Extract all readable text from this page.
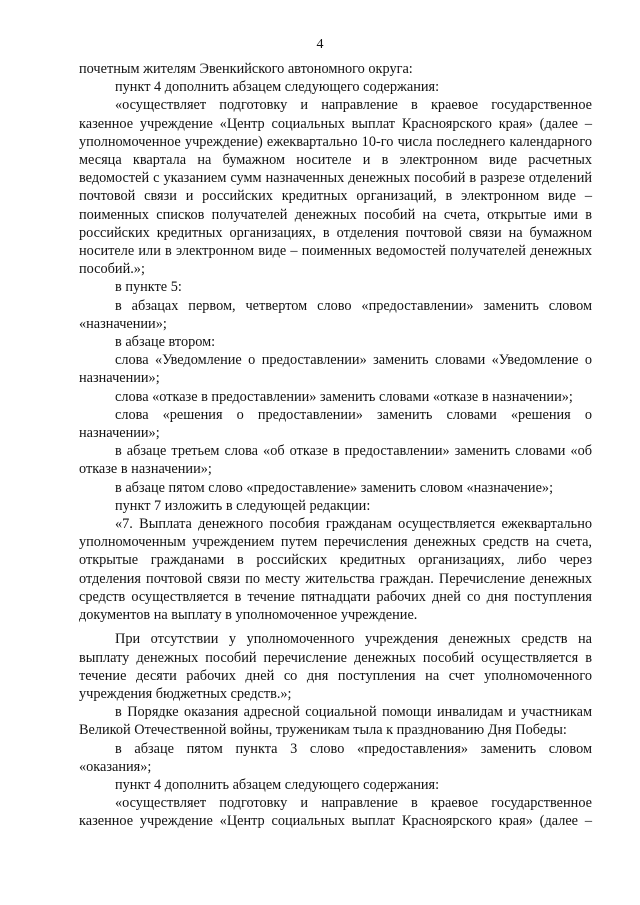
4

почетным жителям Эвенкийского автономного округа:

пункт 4 дополнить абзацем следующего содержания:

«осуществляет подготовку и направление в краевое государственное казенное учреждение «Центр социальных выплат Красноярского края» (далее – уполномоченное учреждение) ежеквартально 10-го числа последнего календарного месяца квартала на бумажном носителе и в электронном виде расчетных ведомостей с указанием сумм назначенных денежных пособий в разрезе отделений почтовой связи и российских кредитных организаций, в электронном виде – поименных списков получателей денежных пособий на счета, открытые ими в российских кредитных организациях, в отделения почтовой связи на бумажном носителе или в электронном виде – поименных ведомостей получателей денежных пособий.»;

в пункте 5:

в абзацах первом, четвертом слово «предоставлении» заменить словом «назначении»;

в абзаце втором:

слова «Уведомление о предоставлении» заменить словами «Уведомление о назначении»;

слова «отказе в предоставлении» заменить словами «отказе в назначении»;

слова «решения о предоставлении» заменить словами «решения о назначении»;

в абзаце третьем слова «об отказе в предоставлении» заменить словами «об отказе в назначении»;

в абзаце пятом слово «предоставление» заменить словом «назначение»;

пункт 7 изложить в следующей редакции:

«7. Выплата денежного пособия гражданам осуществляется ежеквартально уполномоченным учреждением путем перечисления денежных средств на счета, открытые гражданами в российских кредитных организациях, либо через отделения почтовой связи по месту жительства граждан. Перечисление денежных средств осуществляется в течение пятнадцати рабочих дней со дня поступления документов на выплату в уполномоченное учреждение.

При отсутствии у уполномоченного учреждения денежных средств на выплату денежных пособий перечисление денежных пособий осуществляется в течение десяти рабочих дней со дня поступления на счет уполномоченного учреждения бюджетных средств.»;

в Порядке оказания адресной социальной помощи инвалидам и участникам Великой Отечественной войны, труженикам тыла к празднованию Дня Победы:

в абзаце пятом пункта 3 слово «предоставления» заменить словом «оказания»;

пункт 4 дополнить абзацем следующего содержания:

«осуществляет подготовку и направление в краевое государственное казенное учреждение «Центр социальных выплат Красноярского края» (далее –
